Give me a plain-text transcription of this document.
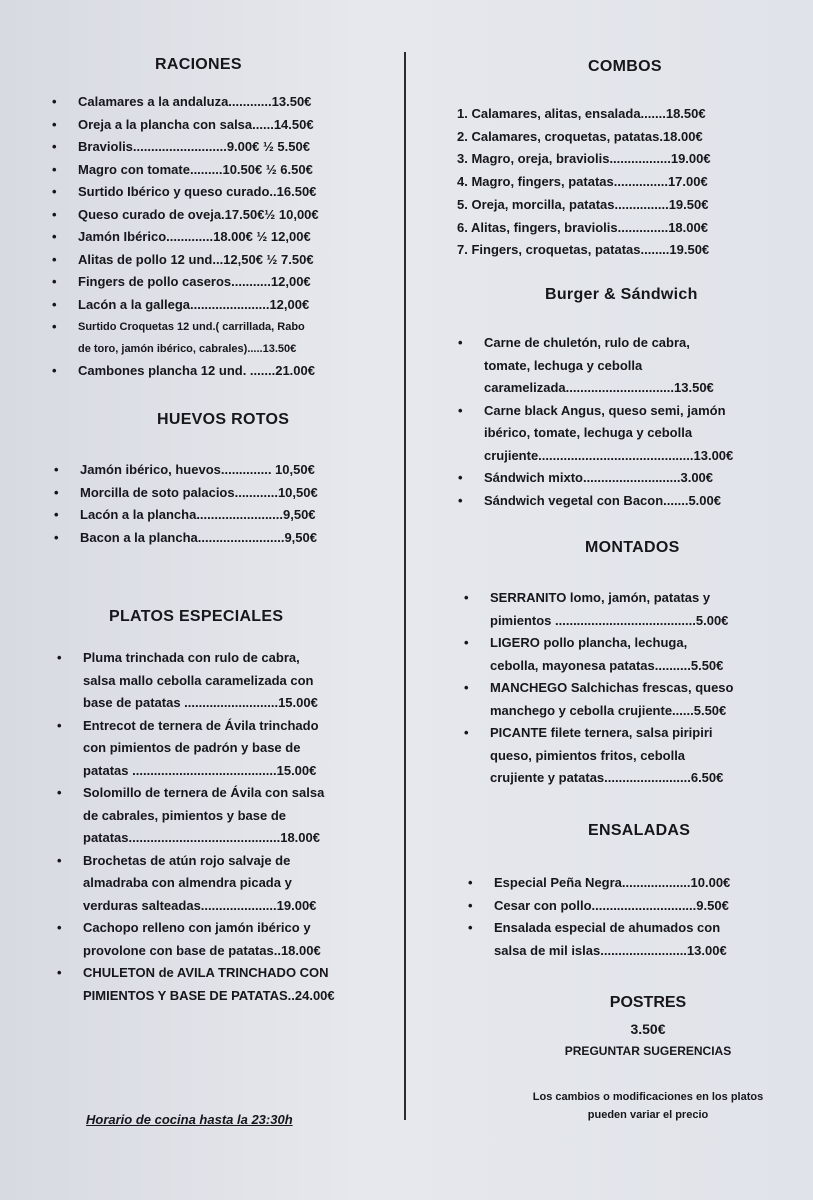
RACIONES
• Calamares a la andaluza............13.50€
• Oreja a la plancha con salsa......14.50€
• Braviolis..........................9.00€ ½ 5.50€
• Magro con tomate.........10.50€ ½ 6.50€
• Surtido Ibérico y queso curado..16.50€
• Queso curado de oveja.17.50€½ 10,00€
• Jamón Ibérico.............18.00€ ½ 12,00€
• Alitas de pollo 12 und...12,50€ ½ 7.50€
• Fingers de pollo caseros...........12,00€
• Lacón a la gallega......................12,00€
• Surtido Croquetas 12 und.( carrillada, Rabo
de toro, jamón ibérico, cabrales).....13.50€
• Cambones plancha 12 und. .......21.00€
HUEVOS ROTOS
• Jamón ibérico, huevos.............. 10,50€
• Morcilla de soto palacios............10,50€
• Lacón a la plancha........................9,50€
• Bacon a la plancha........................9,50€
PLATOS ESPECIALES
• Pluma trinchada con rulo de cabra,
salsa mallo cebolla caramelizada con
base de patatas ..........................15.00€
• Entrecot de ternera de Ávila trinchado
con pimientos de padrón y base de
patatas ........................................15.00€
• Solomillo de ternera de Ávila con salsa
de cabrales, pimientos y base de
patatas..........................................18.00€
• Brochetas de atún rojo salvaje de
almadraba con almendra picada y
verduras salteadas.....................19.00€
• Cachopo relleno con jamón ibérico y
provolone con base de patatas..18.00€
• CHULETON de AVILA TRINCHADO CON
PIMIENTOS Y BASE DE PATATAS..24.00€
Horario de cocina hasta la 23:30h
COMBOS
1. Calamares, alitas, ensalada.......18.50€
2. Calamares, croquetas, patatas.18.00€
3. Magro, oreja, braviolis.................19.00€
4. Magro, fingers, patatas...............17.00€
5. Oreja, morcilla, patatas...............19.50€
6. Alitas, fingers, braviolis..............18.00€
7. Fingers, croquetas, patatas........19.50€
Burger & Sándwich
• Carne de chuletón, rulo de cabra,
tomate, lechuga y cebolla
caramelizada..............................13.50€
• Carne black Angus, queso semi, jamón
ibérico, tomate, lechuga y cebolla
crujiente...........................................13.00€
• Sándwich mixto...........................3.00€
• Sándwich vegetal con Bacon.......5.00€
MONTADOS
• SERRANITO lomo, jamón, patatas y
pimientos .......................................5.00€
• LIGERO pollo plancha, lechuga,
cebolla, mayonesa patatas..........5.50€
• MANCHEGO Salchichas frescas, queso
manchego y cebolla crujiente......5.50€
• PICANTE filete ternera, salsa piripiri
queso, pimientos fritos, cebolla
crujiente y patatas........................6.50€
ENSALADAS
• Especial Peña Negra...................10.00€
• Cesar con pollo.............................9.50€
• Ensalada especial de ahumados con
salsa de mil islas........................13.00€
POSTRES
3.50€
PREGUNTAR SUGERENCIAS
Los cambios o modificaciones en los platos
pueden variar el precio
